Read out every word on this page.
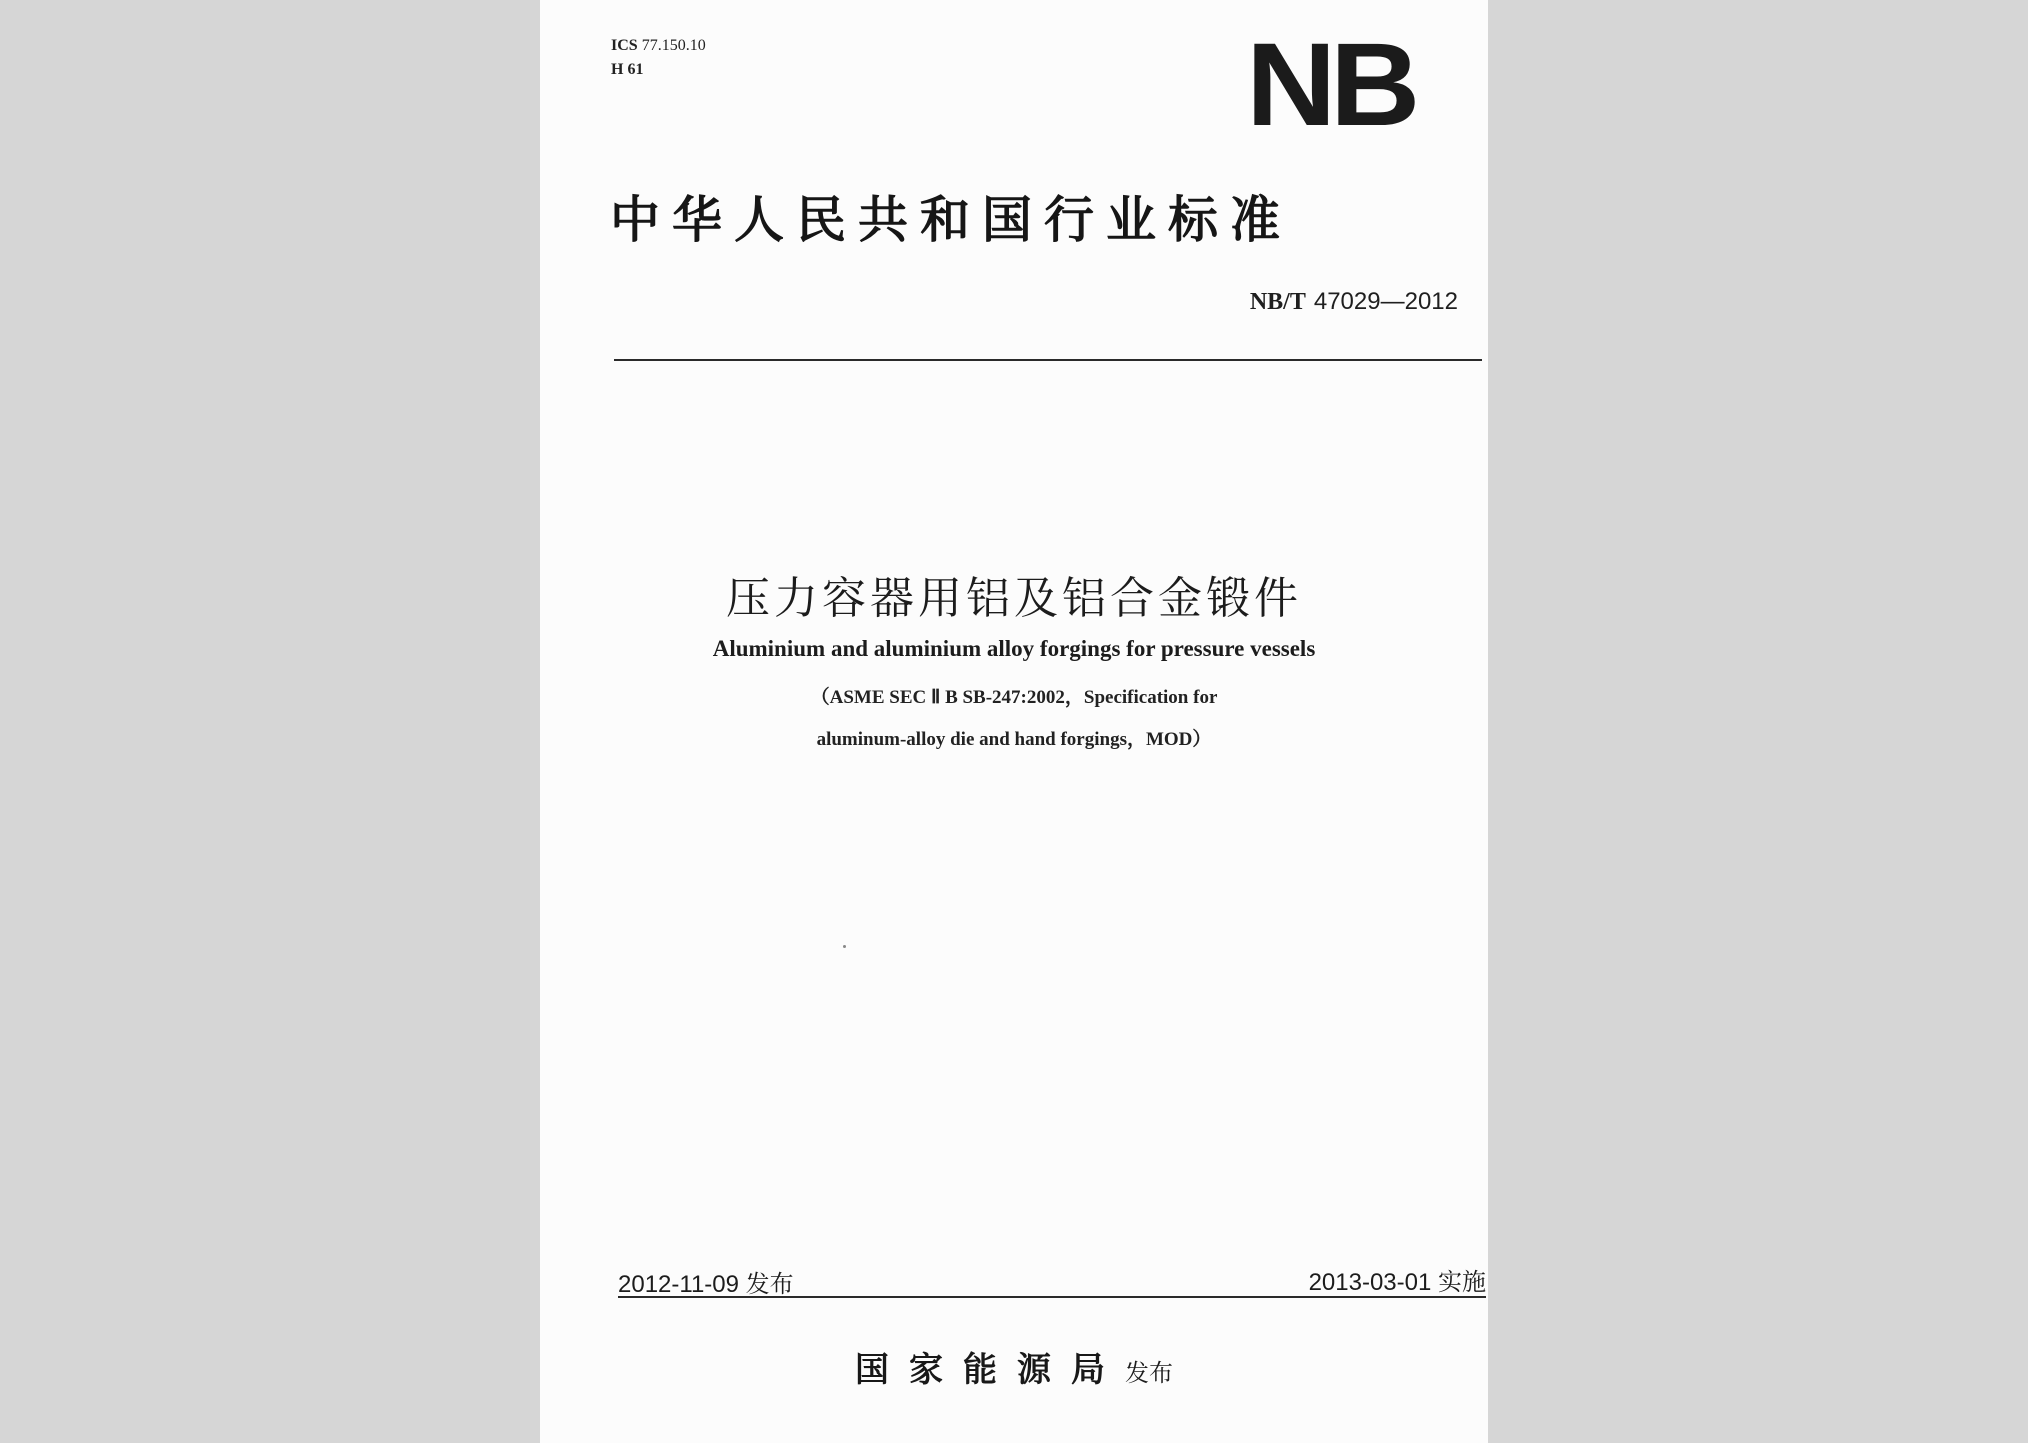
ICS 77.150.10
H 61	NB
中华人民共和国行业标准
NB/T 47029—2012
压力容器用铝及铝合金锻件
Aluminium and aluminium alloy forgings for pressure vessels
（ASME SEC Ⅱ B SB-247:2002，Specification for
aluminum-alloy die and hand forgings，MOD）
2012-11-09 发布	2013-03-01 实施
国家能源局发布
